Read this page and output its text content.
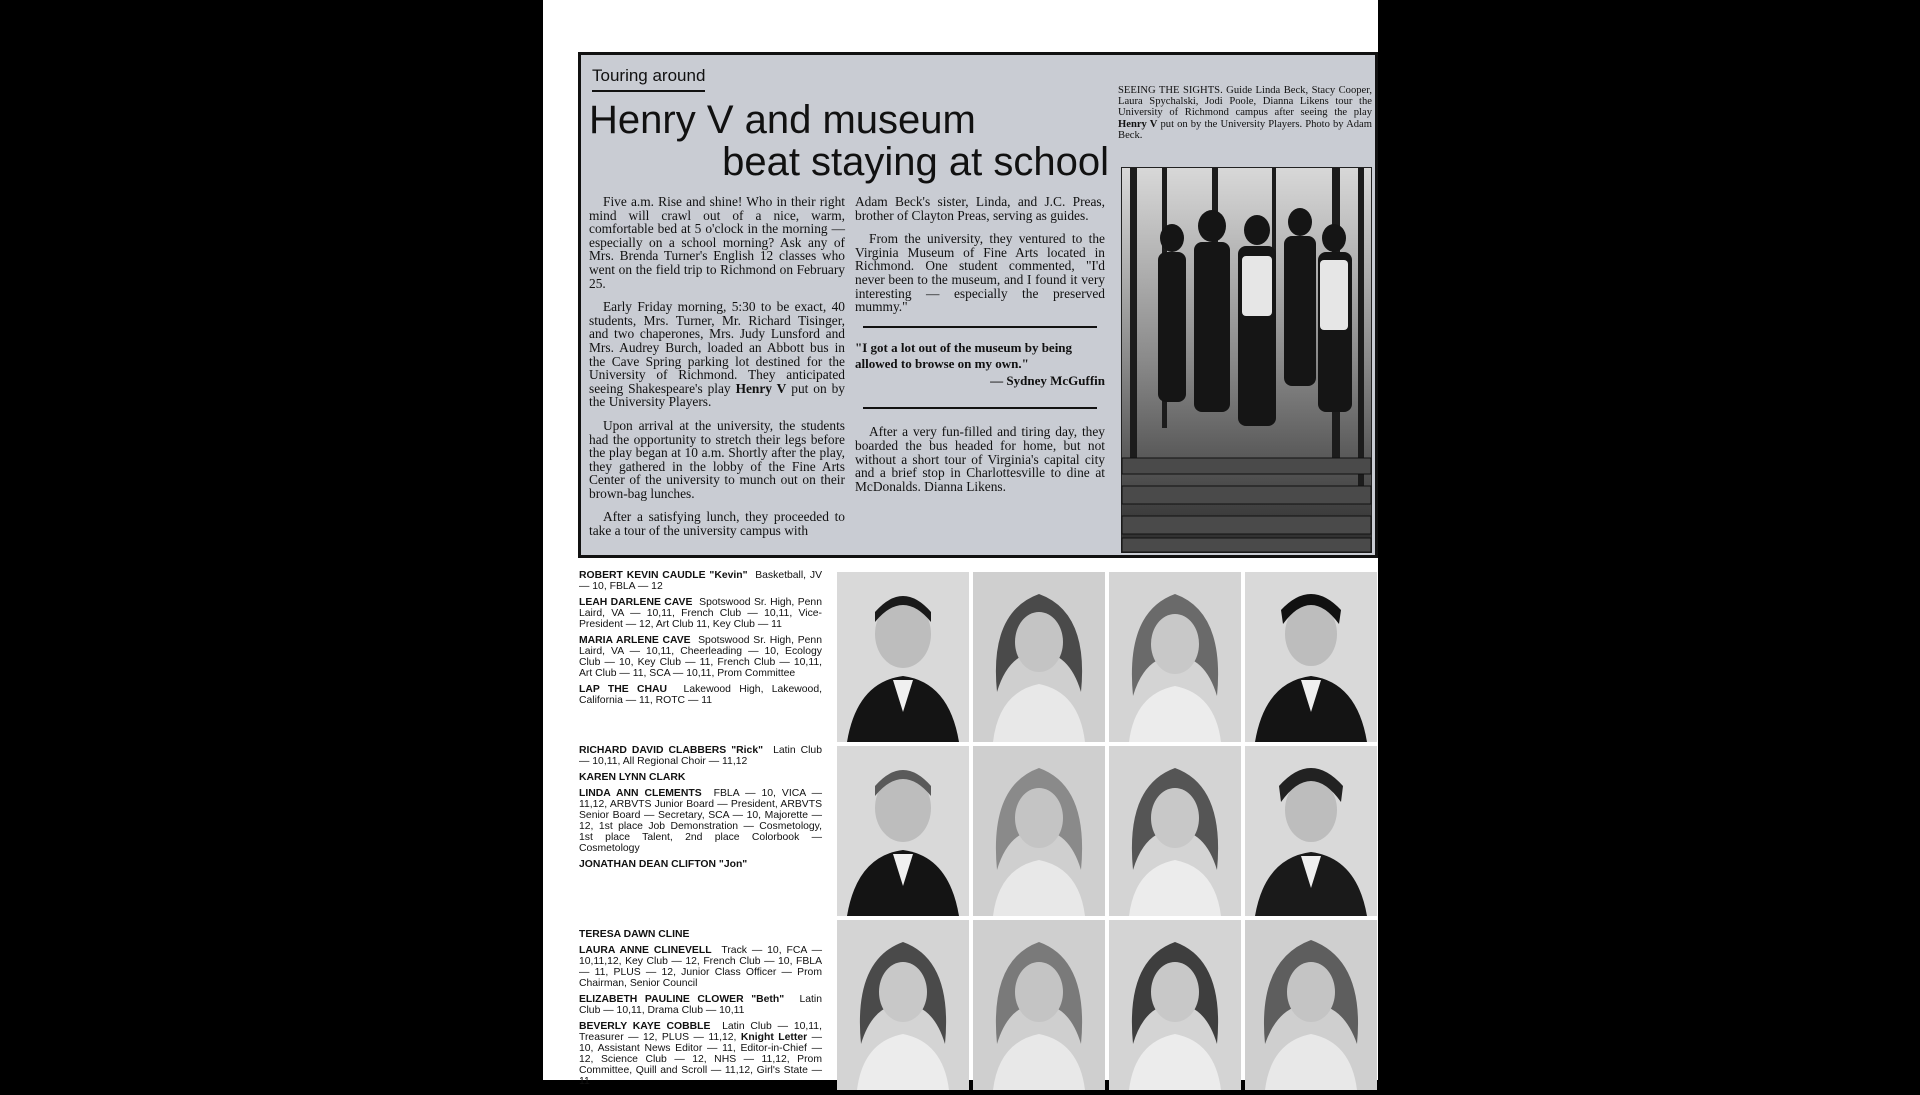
Touring around
Henry V and museum
beat staying at school

Five a.m. Rise and shine! Who in their right mind will crawl out of a nice, warm, comfortable bed at 5 o'clock in the morning — especially on a school morning? Ask any of Mrs. Brenda Turner's English 12 classes who went on the field trip to Richmond on February 25.

Early Friday morning, 5:30 to be exact, 40 students, Mrs. Turner, Mr. Richard Tisinger, and two chaperones, Mrs. Judy Lunsford and Mrs. Audrey Burch, loaded an Abbott bus in the Cave Spring parking lot destined for the University of Richmond. They anticipated seeing Shakespeare's play Henry V put on by the University Players.

Upon arrival at the university, the students had the opportunity to stretch their legs before the play began at 10 a.m. Shortly after the play, they gathered in the lobby of the Fine Arts Center of the university to munch out on their brown-bag lunches.

After a satisfying lunch, they proceeded to take a tour of the university campus with

Adam Beck's sister, Linda, and J.C. Preas, brother of Clayton Preas, serving as guides.

From the university, they ventured to the Virginia Museum of Fine Arts located in Richmond. One student commented, "I'd never been to the museum, and I found it very interesting — especially the preserved mummy."

"I got a lot out of the museum by being allowed to browse on my own."
— Sydney McGuffin

After a very fun-filled and tiring day, they boarded the bus headed for home, but not without a short tour of Virginia's capital city and a brief stop in Charlottesville to dine at McDonalds. Dianna Likens.

SEEING THE SIGHTS. Guide Linda Beck, Stacy Cooper, Laura Spychalski, Jodi Poole, Dianna Likens tour the University of Richmond campus after seeing the play Henry V put on by the University Players. Photo by Adam Beck.
ROBERT KEVIN CAUDLE "Kevin" Basketball, JV — 10, FBLA — 12
LEAH DARLENE CAVE Spotswood Sr. High, Penn Laird, VA — 10,11, French Club — 10,11, Vice-President — 12, Art Club 11, Key Club — 11
MARIA ARLENE CAVE Spotswood Sr. High, Penn Laird, VA — 10,11, Cheerleading — 10, Ecology Club — 10, Key Club — 11, French Club — 10,11, Art Club — 11, SCA — 10,11, Prom Committee
LAP THE CHAU Lakewood High, Lakewood, California — 11, ROTC — 11
RICHARD DAVID CLABBERS "Rick" Latin Club — 10,11, All Regional Choir — 11,12
KAREN LYNN CLARK
LINDA ANN CLEMENTS FBLA — 10, VICA — 11,12, ARBVTS Junior Board — President, ARBVTS Senior Board — Secretary, SCA — 10, Majorette — 12, 1st place Job Demonstration — Cosmetology, 1st place Talent, 2nd place Colorbook — Cosmetology
JONATHAN DEAN CLIFTON "Jon"
TERESA DAWN CLINE
LAURA ANNE CLINEVELL Track — 10, FCA — 10,11,12, Key Club — 12, French Club — 10, FBLA — 11, PLUS — 12, Junior Class Officer — Prom Chairman, Senior Council
ELIZABETH PAULINE CLOWER "Beth" Latin Club — 10,11, Drama Club — 10,11
BEVERLY KAYE COBBLE Latin Club — 10,11, Treasurer — 12, PLUS — 11,12, Knight Letter — 10, Assistant News Editor — 11, Editor-in-Chief — 12, Science Club — 12, NHS — 11,12, Prom Committee, Quill and Scroll — 11,12, Girl's State — 11
